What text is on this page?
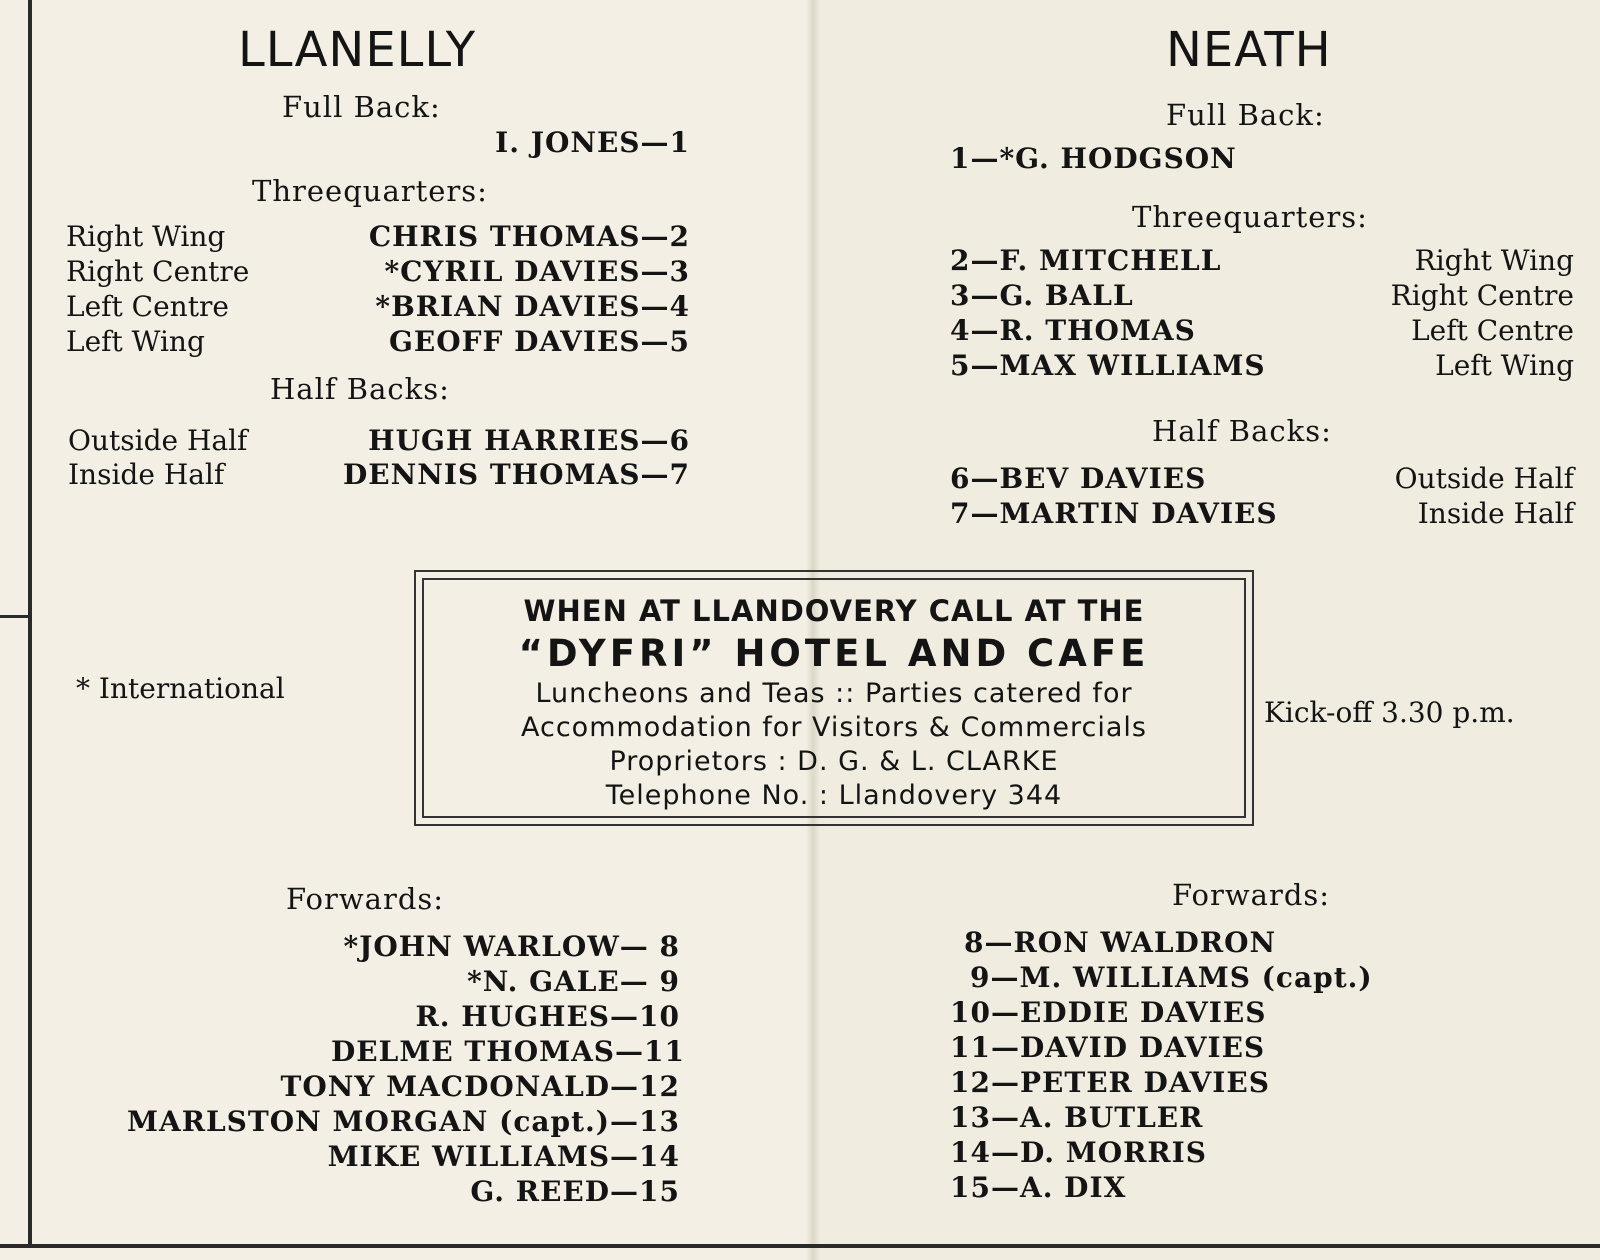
LLANELLY
Full Back:
I. JONES—1
Threequarters:
Right Wing	CHRIS THOMAS—2
Right Centre	*CYRIL DAVIES—3
Left Centre	*BRIAN DAVIES—4
Left Wing	GEOFF DAVIES—5
Half Backs:
Outside Half	HUGH HARRIES—6
Inside Half	DENNIS THOMAS—7
* International
Forwards:
*JOHN WARLOW— 8
*N. GALE— 9
R. HUGHES—10
DELME THOMAS—11
TONY MACDONALD—12
MARLSTON MORGAN (capt.)—13
MIKE WILLIAMS—14
G. REED—15
NEATH
Full Back:
1—*G. HODGSON
Threequarters:
2—F. MITCHELL	Right Wing
3—G. BALL	Right Centre
4—R. THOMAS	Left Centre
5—MAX WILLIAMS	Left Wing
Half Backs:
6—BEV DAVIES	Outside Half
7—MARTIN DAVIES	Inside Half
Kick-off 3.30 p.m.
Forwards:
8—RON WALDRON
9—M. WILLIAMS (capt.)
10—EDDIE DAVIES
11—DAVID DAVIES
12—PETER DAVIES
13—A. BUTLER
14—D. MORRIS
15—A. DIX
WHEN AT LLANDOVERY CALL AT THE
“DYFRI” HOTEL AND CAFE
Luncheons and Teas :: Parties catered for
Accommodation for Visitors & Commercials
Proprietors : D. G. & L. CLARKE
Telephone No. : Llandovery 344
